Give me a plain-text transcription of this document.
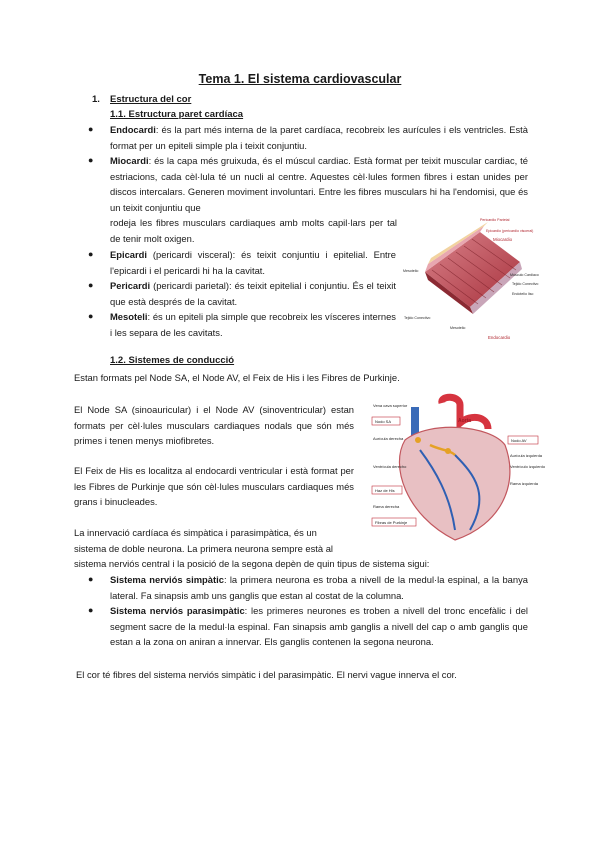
Tema 1. El sistema cardiovascular
1. Estructura del cor
1.1. Estructura paret cardíaca
● Endocardi: és la part més interna de la paret cardíaca, recobreix les aurícules i els ventricles. Està format per un epiteli simple pla i teixit conjuntiu.
● Miocardi: és la capa més gruixuda, és el múscul cardiac. Està format per teixit muscular cardiac, té estriacions, cada cèl·lula té un nucli al centre. Aquestes cèl·lules formen fibres i estan unides per discos intercalars. Generen moviment involuntari. Entre les fibres musculars hi ha l'endomisi, que és un teixit conjuntiu que
rodeja les fibres musculars cardiaques amb molts capil·lars per tal de tenir molt oxigen.
● Epicardi (pericardi visceral): és teixit conjuntiu i epitelial. Entre l'epicardi i el pericardi hi ha la cavitat.
● Pericardi (pericardi parietal): és teixit epitelial i conjuntiu. És el teixit que està després de la cavitat.
● Mesoteli: és un epiteli pla simple que recobreix les vísceres internes i les separa de les cavitats.
Pericardio Parietal
Epicardio (pericardio visceral)
Miocardio
Mesotelio
Músculo Cardiaco
Tejido Conectivo
Endotelio liso
Tejido Conectivo
Mesotelio
Endocardio
1.2. Sistemes de conducció
Estan formats pel Node SA, el Node AV, el Feix de His i les Fibres de Purkinje.
El Node SA (sinoauricular) i el Node AV (sinoventricular) estan formats per cèl·lules musculars cardiaques nodals que són més primes i tenen menys miofibretes.
El Feix de His es localitza al endocardi ventricular i està format per les Fibres de Purkinje que són cèl·lules musculars cardiaques més grans i binucleades.
La innervació cardíaca és simpàtica i parasimpàtica, és un
sistema de doble neurona. La primera neurona sempre està al
sistema nerviós central i la posició de la segona depèn de quin tipus de sistema sigui:
Vena cava superior
Nodo SA
Aurícula derecha
Ventrícula derecho
Haz de His
Rama derecha
Fibras de Purkinje
Aorta
Nodo AV
Aurícula izquierda
Ventrículo izquierdo
Rama izquierda
● Sistema nerviós simpàtic: la primera neurona es troba a nivell de la medul·la espinal, a la banya lateral. Fa sinapsis amb uns ganglis que estan al costat de la columna.
● Sistema nerviós parasimpàtic: les primeres neurones es troben a nivell del tronc encefàlic i del segment sacre de la medul·la espinal. Fan sinapsis amb ganglis a nivell del cap o amb ganglis que estan a la zona on aniran a innervar. Els ganglis contenen la segona neurona.
El cor té fibres del sistema nerviós simpàtic i del parasimpàtic. El nervi vague innerva el cor.
